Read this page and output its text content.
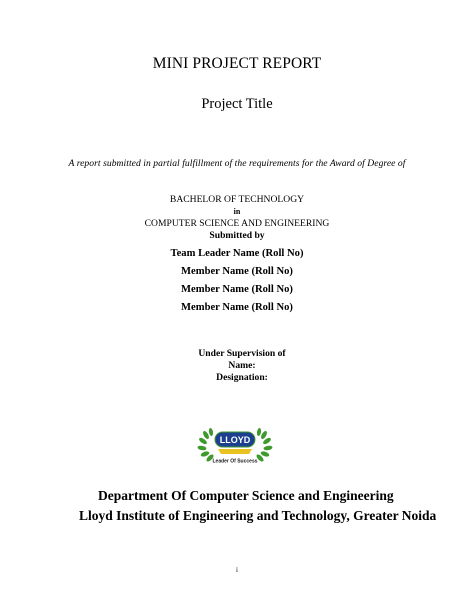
MINI PROJECT REPORT
Project Title
A report submitted in partial fulfillment of the requirements for the Award of Degree of
BACHELOR OF TECHNOLOGY
in
COMPUTER SCIENCE AND ENGINEERING
Submitted by
Team Leader Name (Roll No)
Member Name (Roll No)
Member Name (Roll No)
Member Name (Roll No)
Under Supervision of
Name:
Designation:
LLOYD
Leader Of Success
Department Of Computer Science and Engineering
Lloyd Institute of Engineering and Technology, Greater Noida
i
